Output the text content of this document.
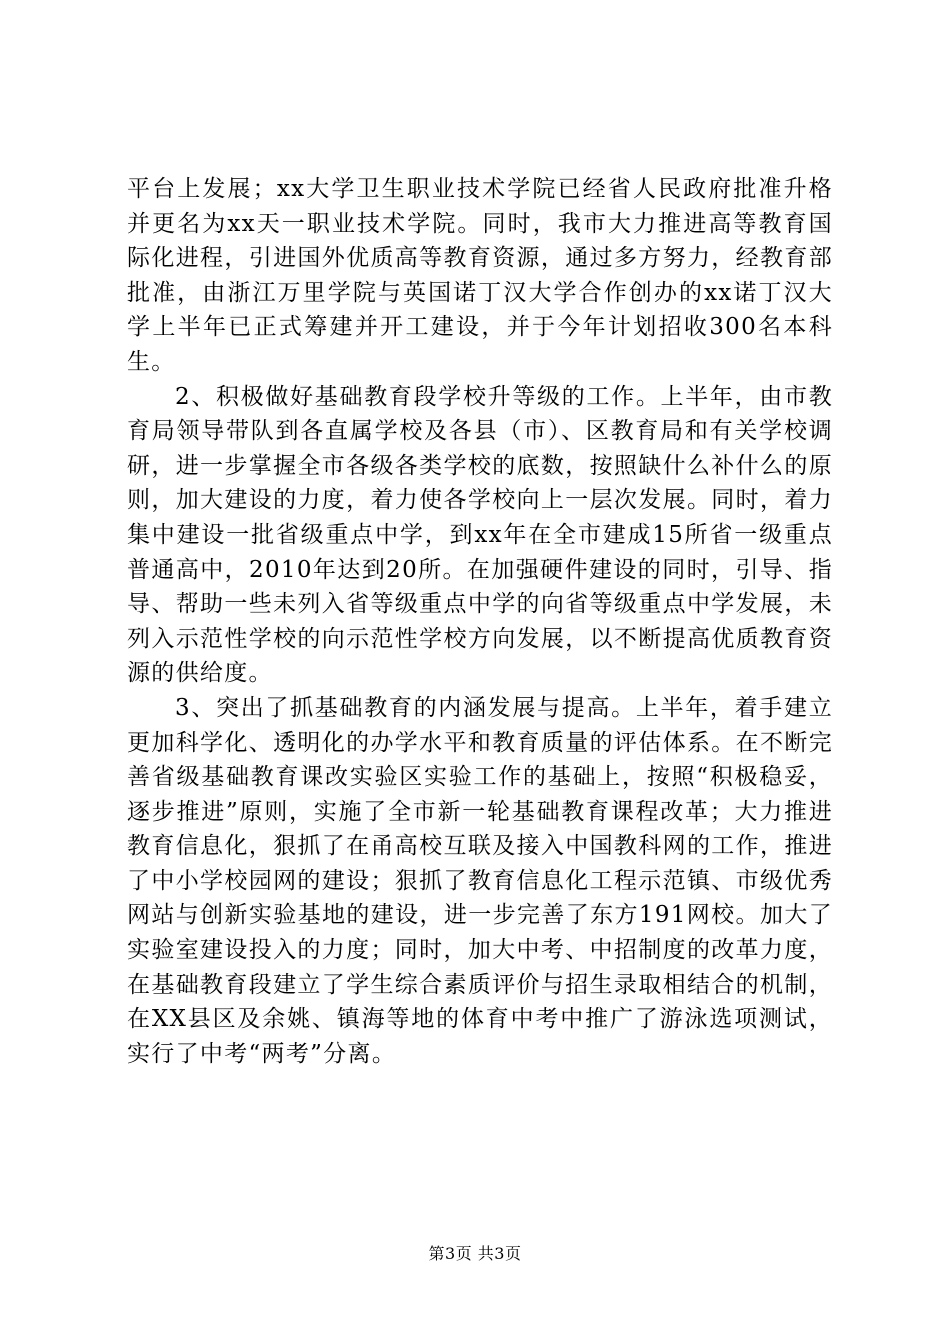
平台上发展；xx大学卫生职业技术学院已经省人民政府批准升格并更名为xx天一职业技术学院。同时，我市大力推进高等教育国际化进程，引进国外优质高等教育资源，通过多方努力，经教育部批准，由浙江万里学院与英国诺丁汉大学合作创办的xx诺丁汉大学上半年已正式筹建并开工建设，并于今年计划招收300名本科生。

2、积极做好基础教育段学校升等级的工作。上半年，由市教育局领导带队到各直属学校及各县（市）、区教育局和有关学校调研，进一步掌握全市各级各类学校的底数，按照缺什么补什么的原则，加大建设的力度，着力使各学校向上一层次发展。同时，着力集中建设一批省级重点中学，到xx年在全市建成15所省一级重点普通高中，2010年达到20所。在加强硬件建设的同时，引导、指导、帮助一些未列入省等级重点中学的向省等级重点中学发展，未列入示范性学校的向示范性学校方向发展，以不断提高优质教育资源的供给度。

3、突出了抓基础教育的内涵发展与提高。上半年，着手建立更加科学化、透明化的办学水平和教育质量的评估体系。在不断完善省级基础教育课改实验区实验工作的基础上，按照“积极稳妥，逐步推进”原则，实施了全市新一轮基础教育课程改革；大力推进教育信息化，狠抓了在甬高校互联及接入中国教科网的工作，推进了中小学校园网的建设；狠抓了教育信息化工程示范镇、市级优秀网站与创新实验基地的建设，进一步完善了东方191网校。加大了实验室建设投入的力度；同时，加大中考、中招制度的改革力度，在基础教育段建立了学生综合素质评价与招生录取相结合的机制，在XX县区及余姚、镇海等地的体育中考中推广了游泳选项测试，实行了中考“两考”分离。

第3页 共3页
